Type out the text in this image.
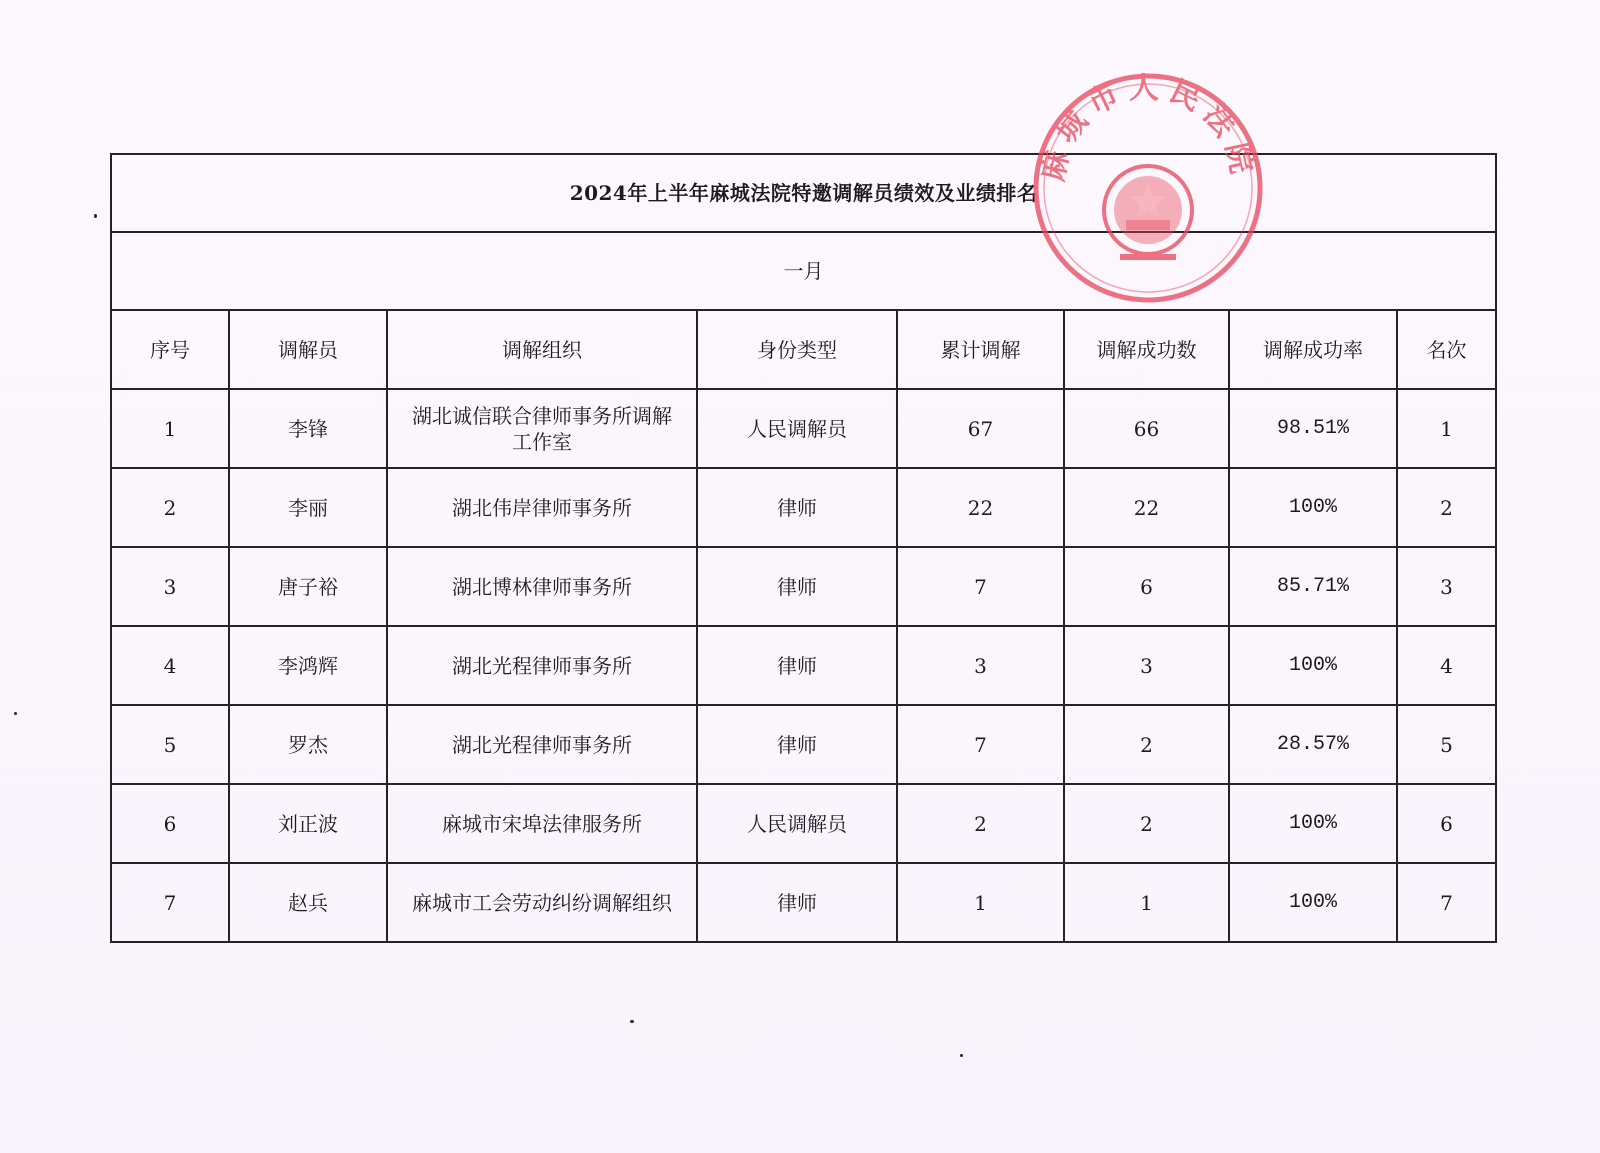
2024年上半年麻城法院特邀调解员绩效及业绩排名							
一月							
序号	调解员	调解组织	身份类型	累计调解	调解成功数	调解成功率	名次
1	李锋	湖北诚信联合律师事务所调解工作室	人民调解员	67	66	98.51%	1
2	李丽	湖北伟岸律师事务所	律师	22	22	100%	2
3	唐子裕	湖北博林律师事务所	律师	7	6	85.71%	3
4	李鸿辉	湖北光程律师事务所	律师	3	3	100%	4
5	罗杰	湖北光程律师事务所	律师	7	2	28.57%	5
6	刘正波	麻城市宋埠法律服务所	人民调解员	2	2	100%	6
7	赵兵	麻城市工会劳动纠纷调解组织	律师	1	1	100%	7
麻城市人民法院
